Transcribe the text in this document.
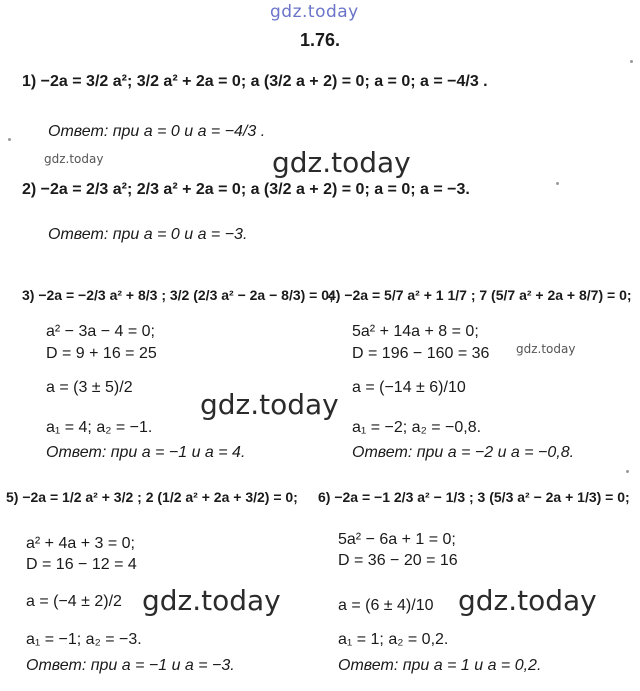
gdz.today
1.76.
1) −2a = 3/2 a²; 3/2 a² + 2a = 0; a (3/2 a + 2) = 0; a = 0; a = −4/3 .
Ответ: при a = 0 и a = −4/3 .
gdz.today	gdz.today
2) −2a = 2/3 a²; 2/3 a² + 2a = 0; a (3/2 a + 2) = 0; a = 0; a = −3.
Ответ: при a = 0 и a = −3.
3) −2a = −2/3 a² + 8/3 ; 3/2 (2/3 a² − 2a − 8/3) = 0;
a² − 3a − 4 = 0;
D = 9 + 16 = 25
a = (3 ± 5)/2
a₁ = 4; a₂ = −1.
Ответ: при a = −1 и a = 4.
4) −2a = 5/7 a² + 1 1/7 ; 7 (5/7 a² + 2a + 8/7) = 0;
5a² + 14a + 8 = 0;
D = 196 − 160 = 36 gdz.today
a = (−14 ± 6)/10
a₁ = −2; a₂ = −0,8.
Ответ: при a = −2 и a = −0,8.
gdz.today
5) −2a = 1/2 a² + 3/2 ; 2 (1/2 a² + 2a + 3/2) = 0;
a² + 4a + 3 = 0;
D = 16 − 12 = 4
a = (−4 ± 2)/2
a₁ = −1; a₂ = −3.
Ответ: при a = −1 и a = −3.
gdz.today
6) −2a = −1 2/3 a² − 1/3 ; 3 (5/3 a² − 2a + 1/3) = 0;
5a² − 6a + 1 = 0;
D = 36 − 20 = 16
a = (6 ± 4)/10
a₁ = 1; a₂ = 0,2.
Ответ: при a = 1 и a = 0,2.
gdz.today
